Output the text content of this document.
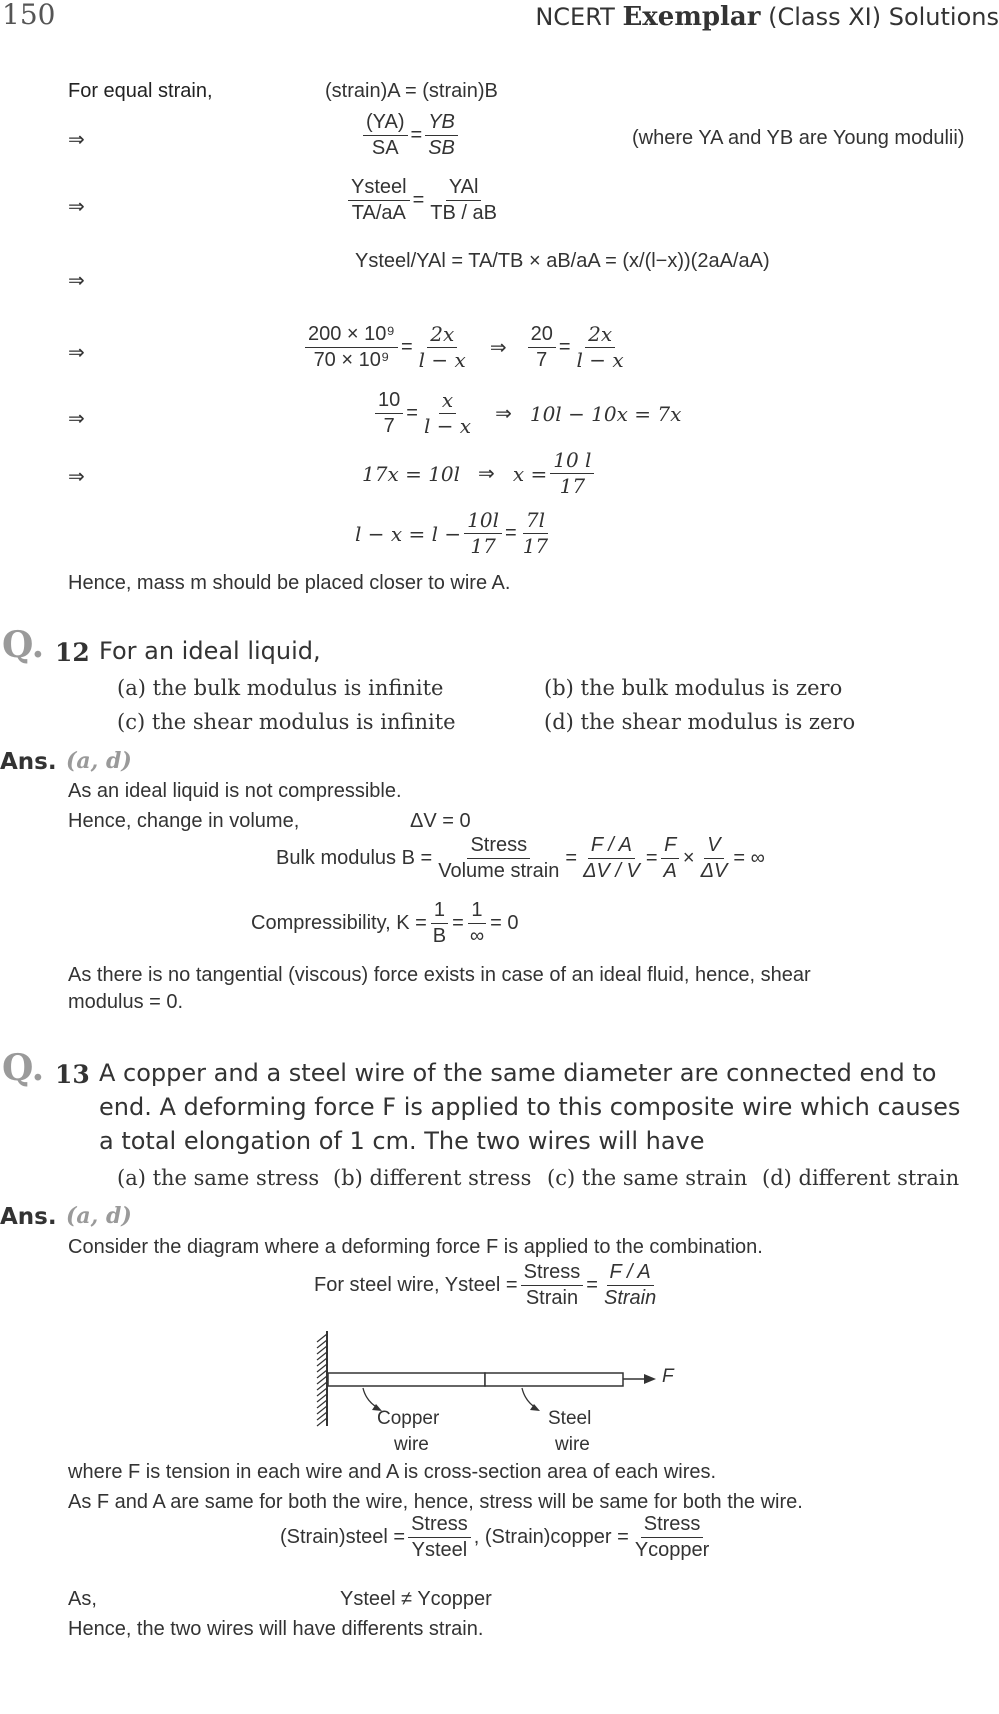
150	NCERT Exemplar (Class XI) Solutions
For equal strain,	(strain)A = (strain)B
⇒	$\frac{(YA)}{SA} = \frac{YB}{SB}$	(where YA and YB are Young modulii)
⇒	$\frac{\text{Ysteel}}{TA/aA} = \frac{\text{YAl}}{TB / aB}$
⇒
Ysteel/YAl = TA/TB × aB/aA = (x/(l−x))(2aA/aA)
⇒	$\frac{\text{200 × 10⁹}}{\text{70 × 10⁹}} = \frac{2x}{l - x}$ ⇒ $\frac{20}{7} = \frac{2x}{l - x}$
⇒	$\frac{10}{7} = \frac{x}{l - x}$ ⇒ 10l − 10x = 7x
⇒	17x = 10l ⇒ $x = \frac{10 l}{17}$
$l - x = l - \frac{10l}{17} = \frac{7l}{17}$
Hence, mass m should be placed closer to wire A.
Q. 12 For an ideal liquid,
(a) the bulk modulus is infinite	(b) the bulk modulus is zero
(c) the shear modulus is infinite	(d) the shear modulus is zero
Ans. (a, d)
As an ideal liquid is not compressible.
Hence, change in volume,	ΔV = 0
Bulk modulus $B = \frac{\text{Stress}}{\text{Volume strain}} = \frac{F / A}{\Delta V / V} = \frac{F}{A} \times \frac{V}{\Delta V}$ = ∞
Compressibility, $K = \frac{1}{B} = \frac{1}{\infty} = 0$
As there is no tangential (viscous) force exists in case of an ideal fluid, hence, shear
modulus = 0.
Q. 13 A copper and a steel wire of the same diameter are connected end to
end. A deforming force F is applied to this composite wire which causes
a total elongation of 1 cm. The two wires will have
(a) the same stress (b) different stress (c) the same strain (d) different strain
Ans. (a, d)
Consider the diagram where a deforming force F is applied to the combination.
For steel wire, Ysteel = $\frac{\text{Stress}}{\text{Strain}} = \frac{F / A}{\text{Strain}}$
F
Copper
wire
Steel
wire
where F is tension in each wire and A is cross-section area of each wires.
As F and A are same for both the wire, hence, stress will be same for both the wire.
(Strain)steel = $\frac{\text{Stress}}{\text{Ysteel}}$ , (Strain)copper = $\frac{\text{Stress}}{\text{Ycopper}}$
As,	Ysteel ≠ Ycopper
Hence, the two wires will have differents strain.
